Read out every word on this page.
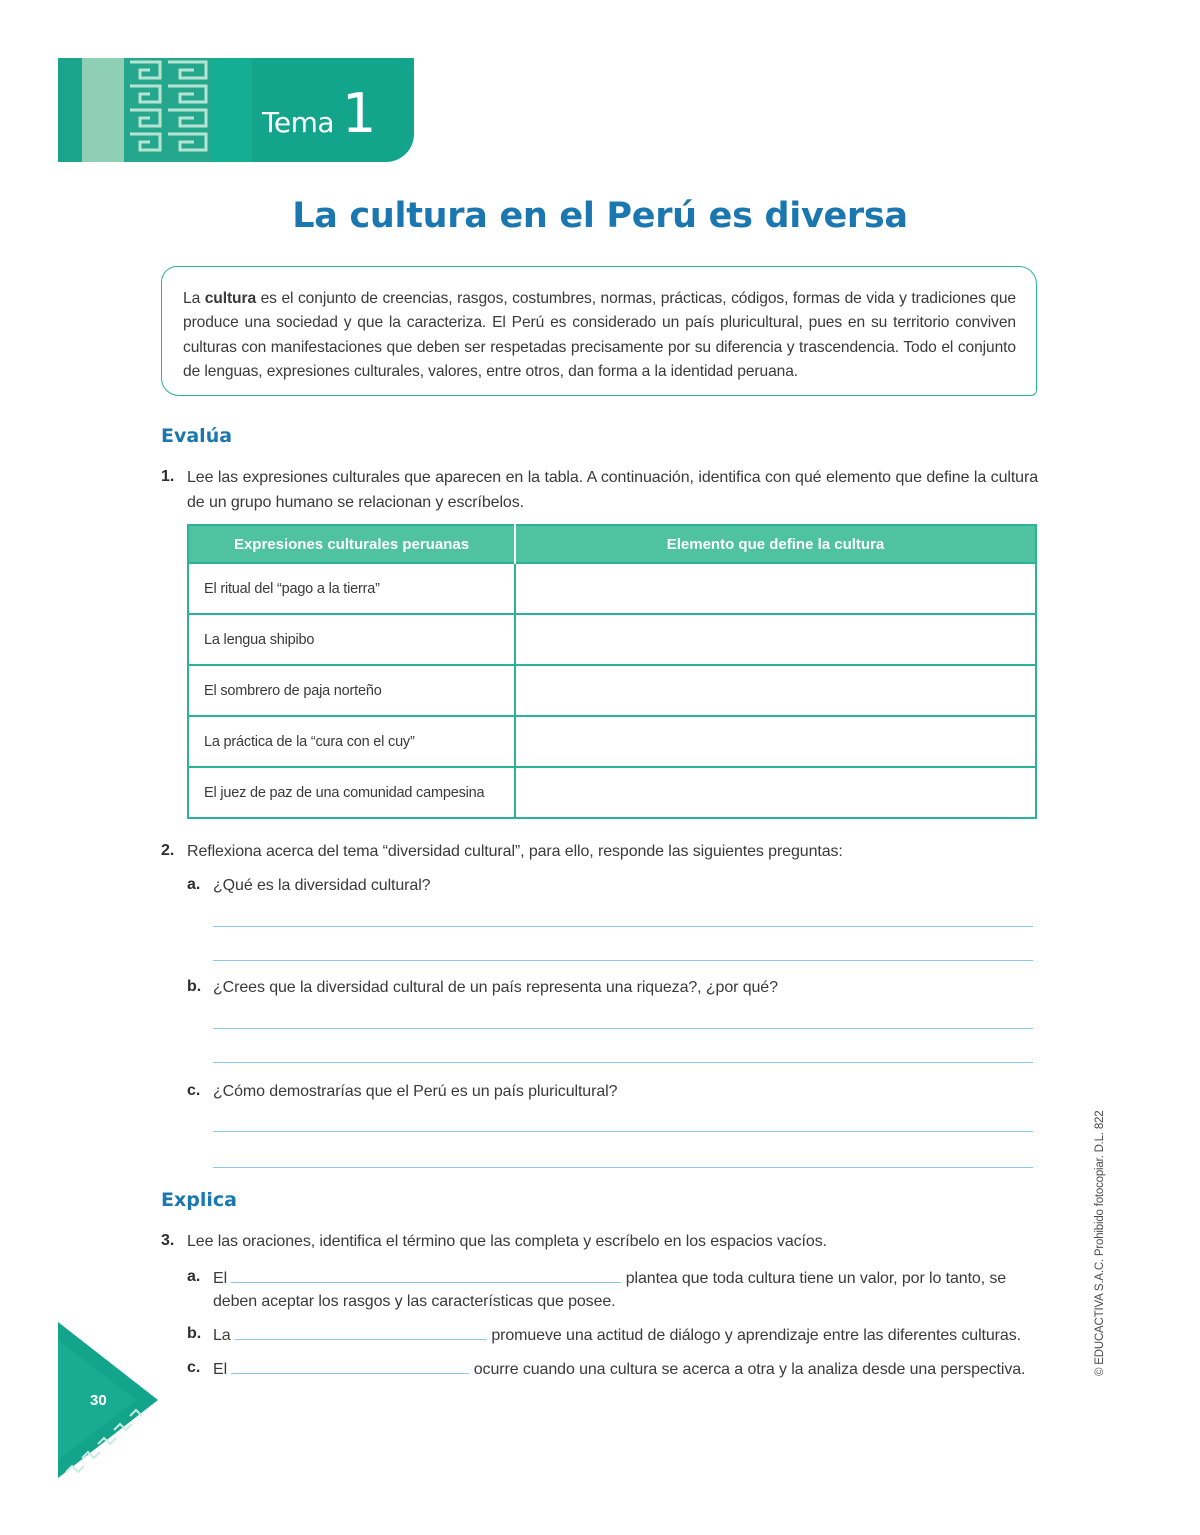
Tema 1
La cultura en el Perú es diversa
La cultura es el conjunto de creencias, rasgos, costumbres, normas, prácticas, códigos, formas de vida y tradiciones que produce una sociedad y que la caracteriza. El Perú es considerado un país pluricultural, pues en su territorio conviven culturas con manifestaciones que deben ser respetadas precisamente por su diferencia y trascendencia. Todo el conjunto de lenguas, expresiones culturales, valores, entre otros, dan forma a la identidad peruana.
Evalúa
1. Lee las expresiones culturales que aparecen en la tabla. A continuación, identifica con qué elemento que define la cultura de un grupo humano se relacionan y escríbelos.
Expresiones culturales peruanas	Elemento que define la cultura
El ritual del “pago a la tierra”	
La lengua shipibo	
El sombrero de paja norteño	
La práctica de la “cura con el cuy”	
El juez de paz de una comunidad campesina	
2. Reflexiona acerca del tema “diversidad cultural”, para ello, responde las siguientes preguntas:
a. ¿Qué es la diversidad cultural?
b. ¿Crees que la diversidad cultural de un país representa una riqueza?, ¿por qué?
c. ¿Cómo demostrarías que el Perú es un país pluricultural?
Explica
3. Lee las oraciones, identifica el término que las completa y escríbelo en los espacios vacíos.
a. El	plantea que toda cultura tiene un valor, por lo tanto, se
deben aceptar los rasgos y las características que posee.
b. La	promueve una actitud de diálogo y aprendizaje entre las diferentes culturas.
c. El	ocurre cuando una cultura se acerca a otra y la analiza desde una perspectiva.
30
© EDUCACTIVA S.A.C. Prohibido fotocopiar. D.L. 822
